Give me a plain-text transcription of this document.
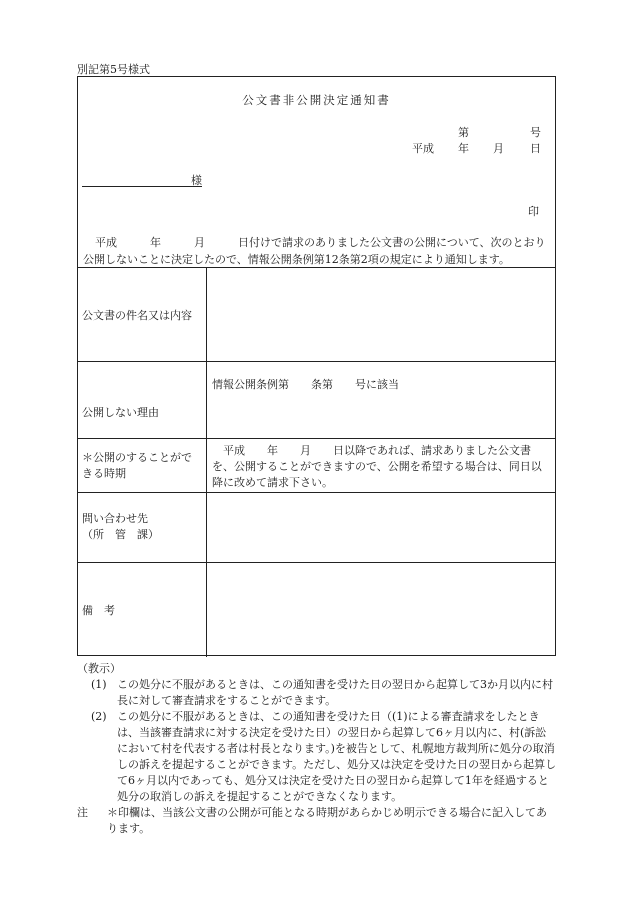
別記第5号様式
公文書非公開決定通知書
第	号
平成 年 月 日
様
印
平成　　　	年　　　	月　　　	日付けで請求のありました公文書の公開について、次のとおり公開しないことに決定したので、情報公開条例第12条第2項の規定により通知します。
公文書の件名又は内容	
公開しない理由	情報公開条例第　　条第　　号に該当
＊公開のすることができる時期	　平成　　年　　月　　日以降であれば、請求ありました公文書を、公開することができますので、公開を希望する場合は、同日以降に改めて請求下さい。
問い合わせ先
（所　管　課）	
備　考	
（教示）
(1) この処分に不服があるときは、この通知書を受けた日の翌日から起算して3か月以内に村長に対して審査請求をすることができます。
(2) この処分に不服があるときは、この通知書を受けた日（(1)による審査請求をしたときは、当該審査請求に対する決定を受けた日）の翌日から起算して6ヶ月以内に、村(訴訟において村を代表する者は村長となります。)を被告として、札幌地方裁判所に処分の取消しの訴えを提起することができます。ただし、処分又は決定を受けた日の翌日から起算して6ヶ月以内であっても、処分又は決定を受けた日の翌日から起算して1年を経過すると処分の取消しの訴えを提起することができなくなります。
注	＊印欄は、当該公文書の公開が可能となる時期があらかじめ明示できる場合に記入してあります。
